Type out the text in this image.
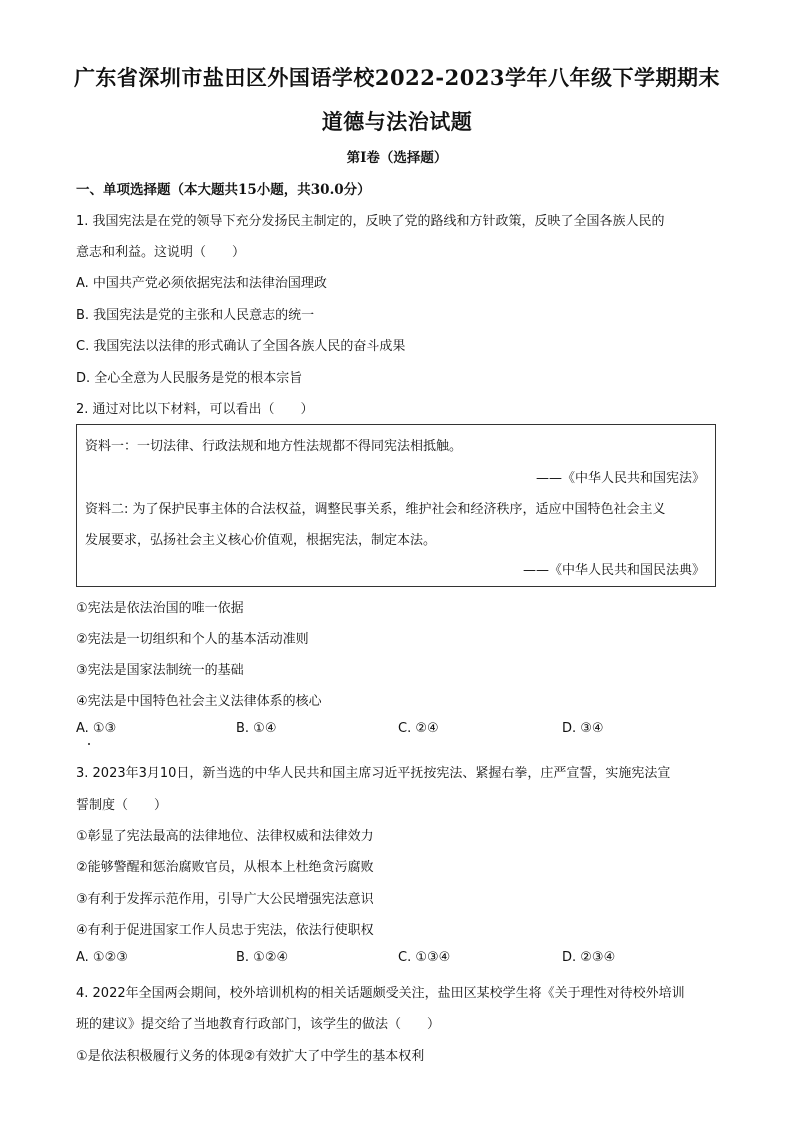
广东省深圳市盐田区外国语学校2022-2023学年八年级下学期期末
道德与法治试题
第Ⅰ卷（选择题）
一、单项选择题（本大题共15小题，共30.0分）
1. 我国宪法是在党的领导下充分发扬民主制定的，反映了党的路线和方针政策，反映了全国各族人民的
意志和利益。这说明（　　）
A. 中国共产党必须依据宪法和法律治国理政
B. 我国宪法是党的主张和人民意志的统一
C. 我国宪法以法律的形式确认了全国各族人民的奋斗成果
D. 全心全意为人民服务是党的根本宗旨
2. 通过对比以下材料，可以看出（　　）
资料一：一切法律、行政法规和地方性法规都不得同宪法相抵触。
——《中华人民共和国宪法》
资料二: 为了保护民事主体的合法权益，调整民事关系，维护社会和经济秩序，适应中国特色社会主义
发展要求，弘扬社会主义核心价值观，根据宪法，制定本法。
——《中华人民共和国民法典》
①宪法是依法治国的唯一依据
②宪法是一切组织和个人的基本活动准则
③宪法是国家法制统一的基础
④宪法是中国特色社会主义法律体系的核心
A. ①③	B. ①④	C. ②④	D. ③④
3. 2023年3月10日，新当选的中华人民共和国主席习近平抚按宪法、紧握右拳，庄严宣誓，实施宪法宣
誓制度（　　）
①彰显了宪法最高的法律地位、法律权威和法律效力
②能够警醒和惩治腐败官员，从根本上杜绝贪污腐败
③有利于发挥示范作用，引导广大公民增强宪法意识
④有利于促进国家工作人员忠于宪法，依法行使职权
A. ①②③	B. ①②④	C. ①③④	D. ②③④
4. 2022年全国两会期间，校外培训机构的相关话题颇受关注，盐田区某校学生将《关于理性对待校外培训
班的建议》提交给了当地教育行政部门，该学生的做法（　　）
①是依法积极履行义务的体现②有效扩大了中学生的基本权利
